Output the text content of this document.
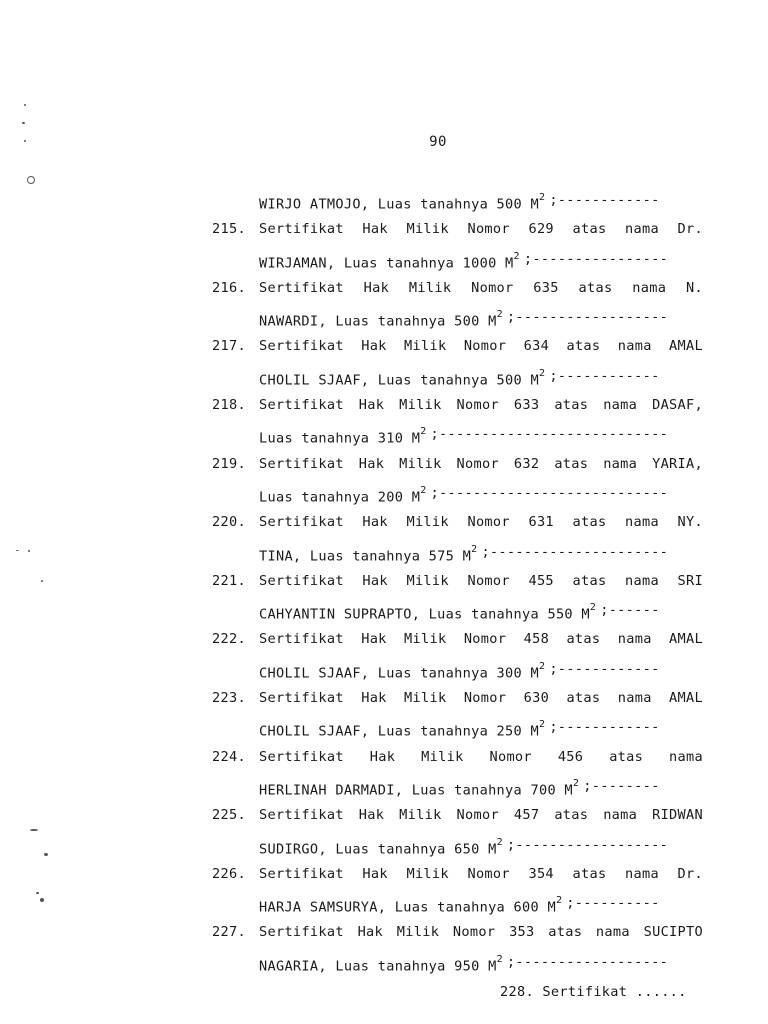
90

WIRJO ATMOJO, Luas tanahnya 500 $M^2$ ;------------

215. Sertifikat Hak Milik Nomor 629 atas nama Dr.
WIRJAMAN, Luas tanahnya 1000 $M^2$ ;----------------
216. Sertifikat Hak Milik Nomor 635 atas nama N.
NAWARDI, Luas tanahnya 500 $M^2$ ;------------------
217. Sertifikat Hak Milik Nomor 634 atas nama AMAL
CHOLIL SJAAF, Luas tanahnya 500 $M^2$ ;------------
218. Sertifikat Hak Milik Nomor 633 atas nama DASAF,
Luas tanahnya 310 $M^2$ ;---------------------------
219. Sertifikat Hak Milik Nomor 632 atas nama YARIA,
Luas tanahnya 200 $M^2$ ;---------------------------
220. Sertifikat Hak Milik Nomor 631 atas nama NY.
TINA, Luas tanahnya 575 $M^2$ ;---------------------
221. Sertifikat Hak Milik Nomor 455 atas nama SRI
CAHYANTIN SUPRAPTO, Luas tanahnya 550 $M^2$ ;------
222. Sertifikat Hak Milik Nomor 458 atas nama AMAL
CHOLIL SJAAF, Luas tanahnya 300 $M^2$ ;------------
223. Sertifikat Hak Milik Nomor 630 atas nama AMAL
CHOLIL SJAAF, Luas tanahnya 250 $M^2$ ;------------
224. Sertifikat Hak Milik Nomor 456 atas nama
HERLINAH DARMADI, Luas tanahnya 700 $M^2$ ;--------
225. Sertifikat Hak Milik Nomor 457 atas nama RIDWAN
SUDIRGO, Luas tanahnya 650 $M^2$ ;------------------
226. Sertifikat Hak Milik Nomor 354 atas nama Dr.
HARJA SAMSURYA, Luas tanahnya 600 $M^2$ ;----------
227. Sertifikat Hak Milik Nomor 353 atas nama SUCIPTO
NAGARIA, Luas tanahnya 950 $M^2$ ;------------------
228. Sertifikat ......
